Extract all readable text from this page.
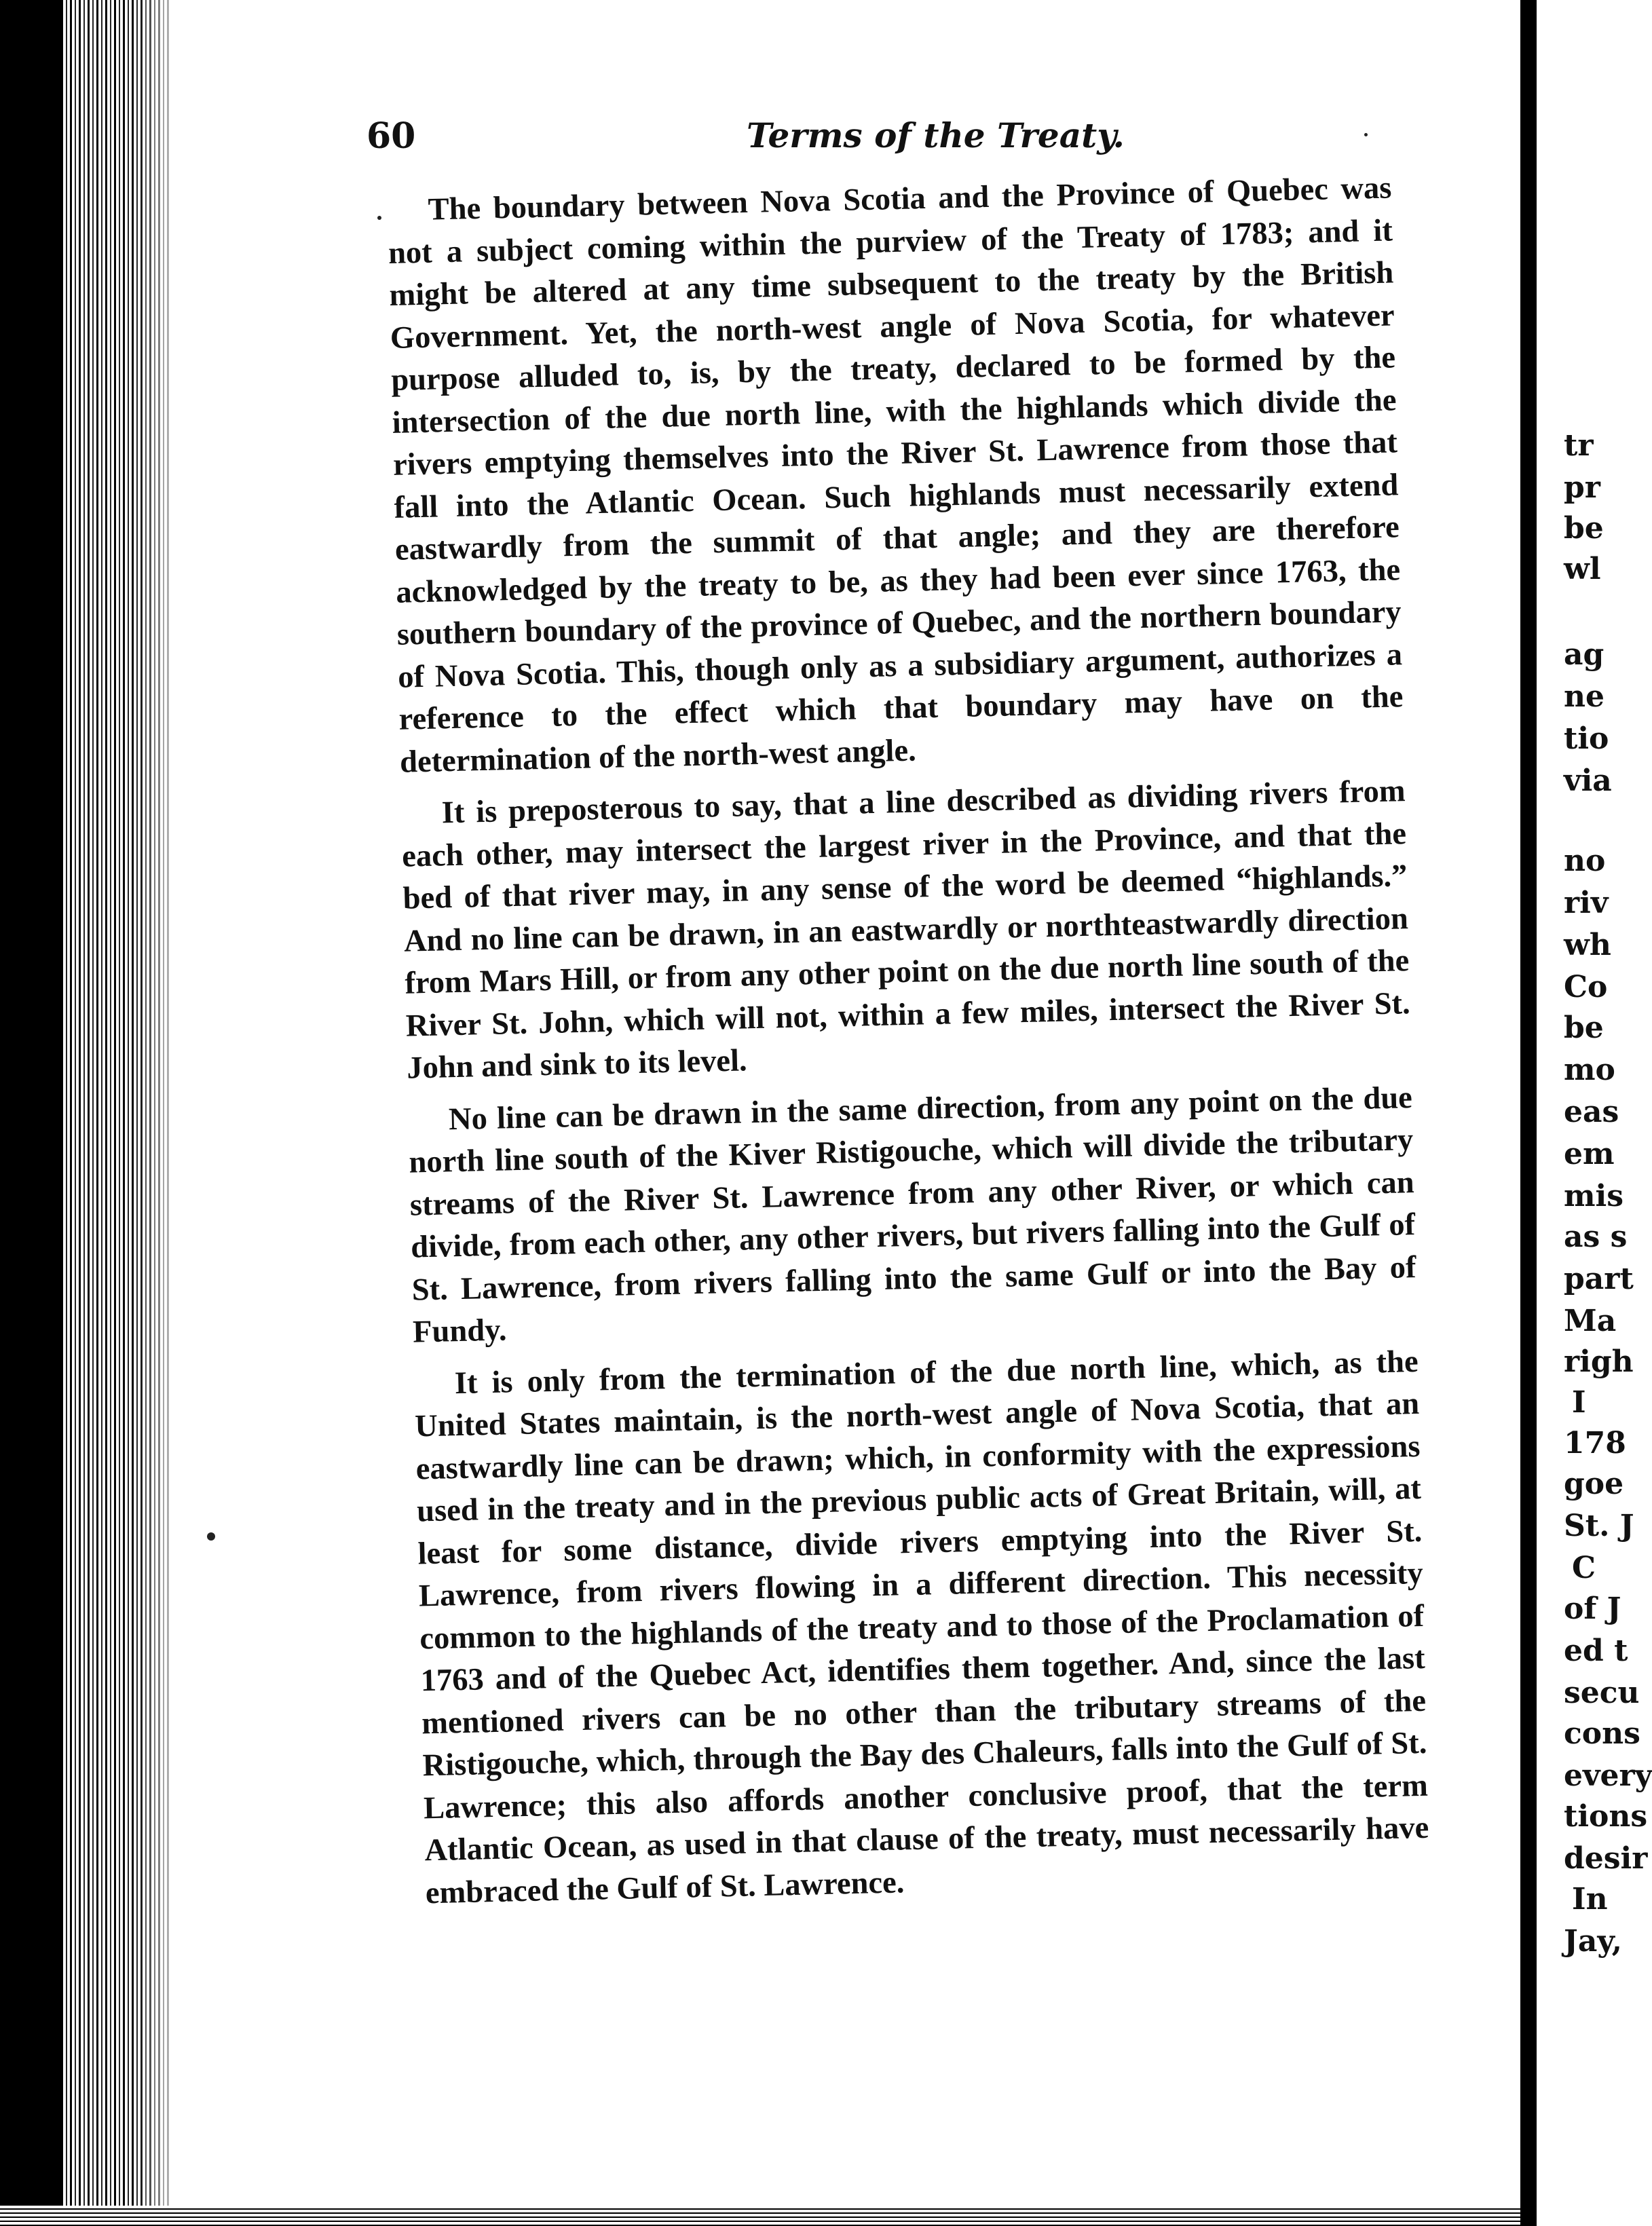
60	Terms of the Treaty.

The boundary between Nova Scotia and the Province of Quebec was not a subject coming within the purview of the Treaty of 1783; and it might be altered at any time subsequent to the treaty by the British Government. Yet, the north-west angle of Nova Scotia, for whatever purpose alluded to, is, by the treaty, declared to be formed by the intersection of the due north line, with the highlands which divide the rivers emptying themselves into the River St. Lawrence from those that fall into the Atlantic Ocean. Such highlands must necessarily extend eastwardly from the summit of that angle; and they are therefore acknowledged by the treaty to be, as they had been ever since 1763, the southern boundary of the province of Quebec, and the northern boundary of Nova Scotia. This, though only as a subsidiary argument, authorizes a reference to the effect which that boundary may have on the determination of the north-west angle.

It is preposterous to say, that a line described as dividing rivers from each other, may intersect the largest river in the Province, and that the bed of that river may, in any sense of the word be deemed “highlands.” And no line can be drawn, in an eastwardly or northteastwardly direction from Mars Hill, or from any other point on the due north line south of the River St. John, which will not, within a few miles, intersect the River St. John and sink to its level.

No line can be drawn in the same direction, from any point on the due north line south of the Kiver Ristigouche, which will divide the tributary streams of the River St. Lawrence from any other River, or which can divide, from each other, any other rivers, but rivers falling into the Gulf of St. Lawrence, from rivers falling into the same Gulf or into the Bay of Fundy.

It is only from the termination of the due north line, which, as the United States maintain, is the north-west angle of Nova Scotia, that an eastwardly line can be drawn; which, in conformity with the expressions used in the treaty and in the previous public acts of Great Britain, will, at least for some distance, divide rivers emptying into the River St. Lawrence, from rivers flowing in a different direction. This necessity common to the highlands of the treaty and to those of the Proclamation of 1763 and of the Quebec Act, identifies them together. And, since the last mentioned rivers can be no other than the tributary streams of the Ristigouche, which, through the Bay des Chaleurs, falls into the Gulf of St. Lawrence; this also affords another conclusive proof, that the term Atlantic Ocean, as used in that clause of the treaty, must necessarily have embraced the Gulf of St. Lawrence.

tr
pr
be
wl
ag
ne
tio
via
no
riv
wh
Co
be
mo
eas
em
mis
as s
part
Ma
righ
I
178
goe
St. J
C
of J
ed t
secu
cons
every
tions
desir
In
Jay,
